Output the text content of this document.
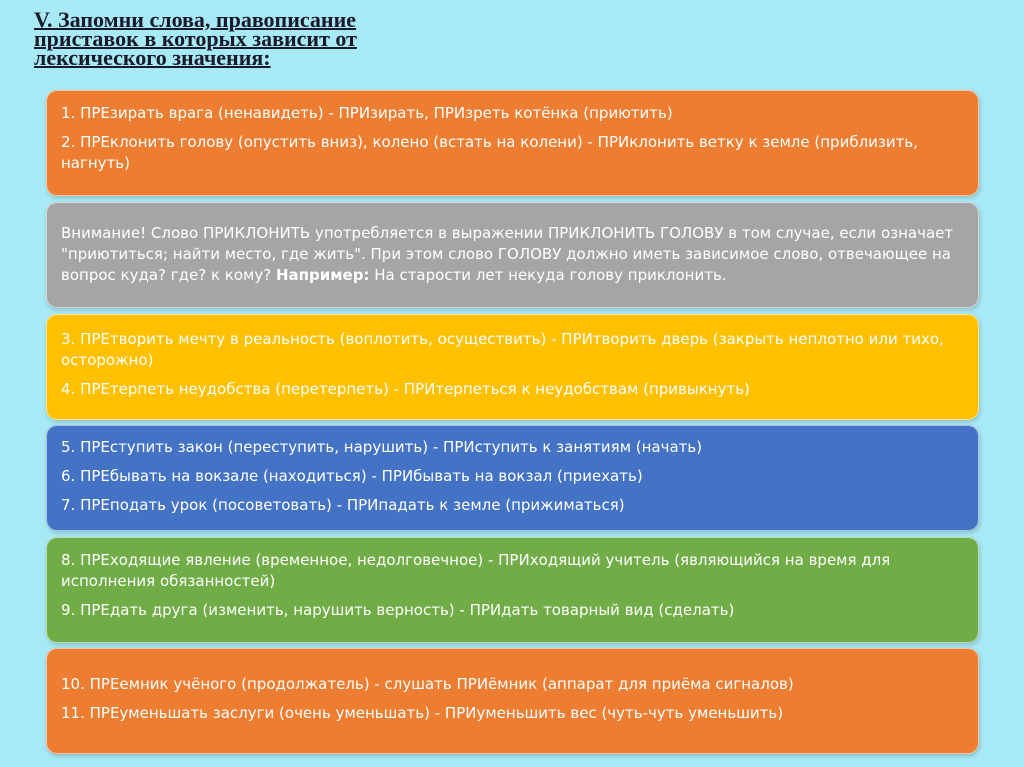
V. Запомни слова, правописание
приставок в которых зависит от
лексического значения:

1. ПРЕзирать врага (ненавидеть) - ПРИзирать, ПРИзреть котёнка (приютить)

2. ПРЕклонить голову (опустить вниз), колено (встать на колени) - ПРИклонить ветку к земле (приблизить, нагнуть)

Внимание! Слово ПРИКЛОНИТЬ употребляется в выражении ПРИКЛОНИТЬ ГОЛОВУ в том случае, если означает "приютиться; найти место, где жить". При этом слово ГОЛОВУ должно иметь зависимое слово, отвечающее на вопрос куда? где? к кому? Например: На старости лет некуда голову приклонить.

3. ПРЕтворить мечту в реальность (воплотить, осуществить) - ПРИтворить дверь (закрыть неплотно или тихо, осторожно)

4. ПРЕтерпеть неудобства (перетерпеть) - ПРИтерпеться к неудобствам (привыкнуть)

5. ПРЕступить закон (переступить, нарушить) - ПРИступить к занятиям (начать)

6. ПРЕбывать на вокзале (находиться) - ПРИбывать на вокзал (приехать)

7. ПРЕподать урок (посоветовать) - ПРИпадать к земле (прижиматься)

8. ПРЕходящие явление (временное, недолговечное) - ПРИходящий учитель (являющийся на время для исполнения обязанностей)

9. ПРЕдать друга (изменить, нарушить верность) - ПРИдать товарный вид (сделать)

10. ПРЕемник учёного (продолжатель) - слушать ПРИёмник (аппарат для приёма сигналов)

11. ПРЕуменьшать заслуги (очень уменьшать) - ПРИуменьшить вес (чуть-чуть уменьшить)
